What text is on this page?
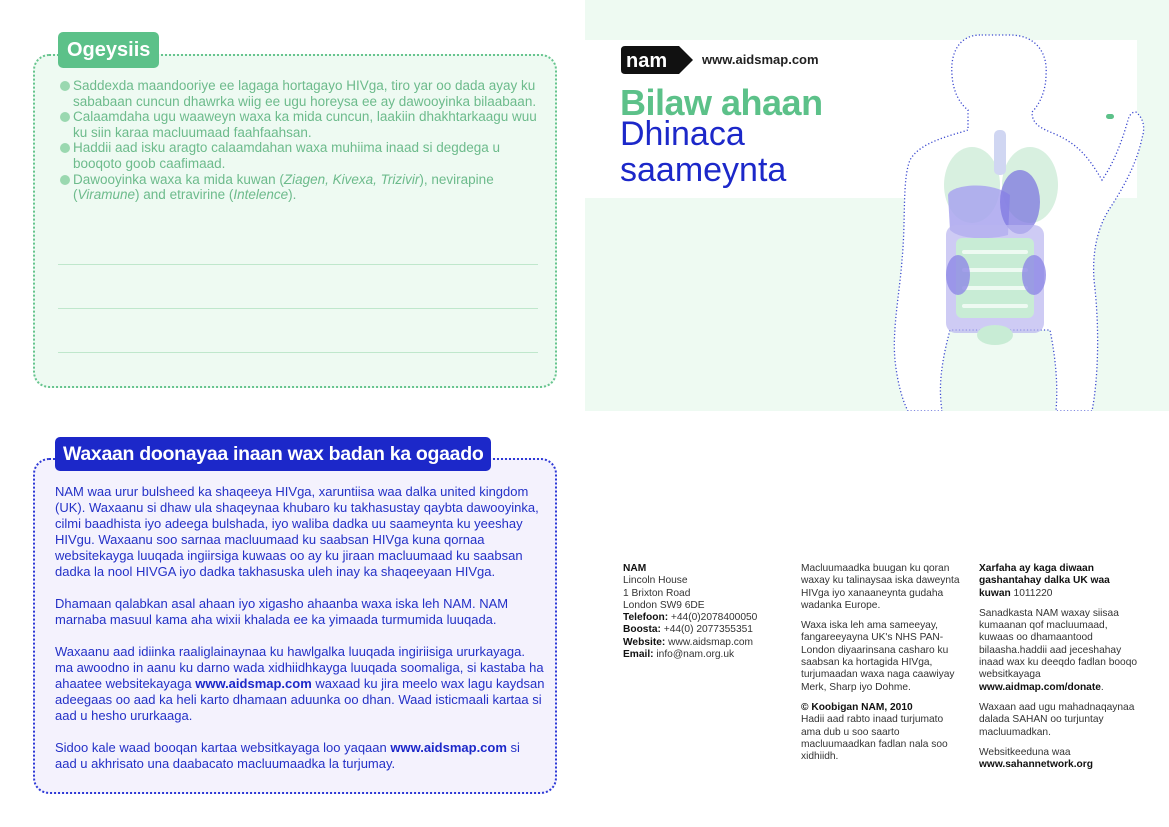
Ogeysiis
Saddexda maandooriye ee lagaga hortagayo HIVga, tiro yar oo dada ayay ku sababaan cuncun dhawrka wiig ee ugu horeysa ee ay dawooyinka bilaabaan.
Calaamdaha ugu waaweyn waxa ka mida cuncun, laakiin dhakhtarkaagu wuu ku siin karaa macluumaad faahfaahsan.
Haddii aad isku aragto calaamdahan waxa muhiima inaad si degdega u booqoto goob caafimaad.
Dawooyinka waxa ka mida kuwan (Ziagen, Kivexa, Trizivir), nevirapine (Viramune) and etravirine (Intelence).
nam	www.aidsmap.com
Bilaw ahaan
Dhinaca
saameynta
Waxaan doonayaa inaan wax badan ka ogaado

NAM waa urur bulsheed ka shaqeeya HIVga, xaruntiisa waa dalka united kingdom (UK). Waxaanu si dhaw ula shaqeynaa khubaro ku takhasustay qaybta dawooyinka, cilmi baadhista iyo adeega bulshada, iyo waliba dadka uu saameynta ku yeeshay HIVgu. Waxaanu soo sarnaa macluumaad ku saabsan HIVga kuna qornaa websitekayga luuqada ingiirsiga kuwaas oo ay ku jiraan macluumaad ku saabsan dadka la nool HIVGA iyo dadka takhasuska uleh inay ka shaqeeyaan HIVga.

Dhamaan qalabkan asal ahaan iyo xigasho ahaanba waxa iska leh NAM. NAM marnaba masuul kama aha wixii khalada ee ka yimaada turmumida luuqada.

Waxaanu aad idiinka raaliglainaynaa ku hawlgalka luuqada ingiriisiga ururkayaga. ma awoodno in aanu ku darno wada xidhiidhkayga luuqada soomaliga, si kastaba ha ahaatee websitekayaga www.aidsmap.com waxaad ku jira meelo wax lagu kaydsan adeegaas oo aad ka heli karto dhamaan aduunka oo dhan. Waad isticmaali kartaa si aad u hesho ururkaaga.

Sidoo kale waad booqan kartaa websitkayaga loo yaqaan www.aidsmap.com si aad u akhrisato una daabacato macluumaadka la turjumay.

NAM
Lincoln House
1 Brixton Road
London SW9 6DE
Telefoon: +44(0)2078400050
Boosta: +44(0) 2077355351
Website: www.aidsmap.com
Email: info@nam.org.uk

Macluumaadka buugan ku qoran waxay ku talinaysaa iska daweynta HIVga iyo xanaaneynta gudaha wadanka Europe.

Waxa iska leh ama sameeyay, fangareeyayna UK's NHS PAN-London diyaarinsana casharo ku saabsan ka hortagida HIVga, turjumaadan waxa naga caawiyay Merk, Sharp iyo Dohme.

© Koobigan NAM, 2010

Hadii aad rabto inaad turjumato ama dub u soo saarto macluumaadkan fadlan nala soo xidhiidh.

Xarfaha ay kaga diwaan gashantahay dalka UK waa kuwan 1011220

Sanadkasta NAM waxay siisaa kumaanan qof macluumaad, kuwaas oo dhamaantood bilaasha.haddii aad jeceshahay inaad wax ku deeqdo fadlan booqo websitkayaga www.aidmap.com/donate.

Waxaan aad ugu mahadnaqaynaa dalada SAHAN oo turjuntay macluumadkan.

Websitkeeduna waa
www.sahannetwork.org
